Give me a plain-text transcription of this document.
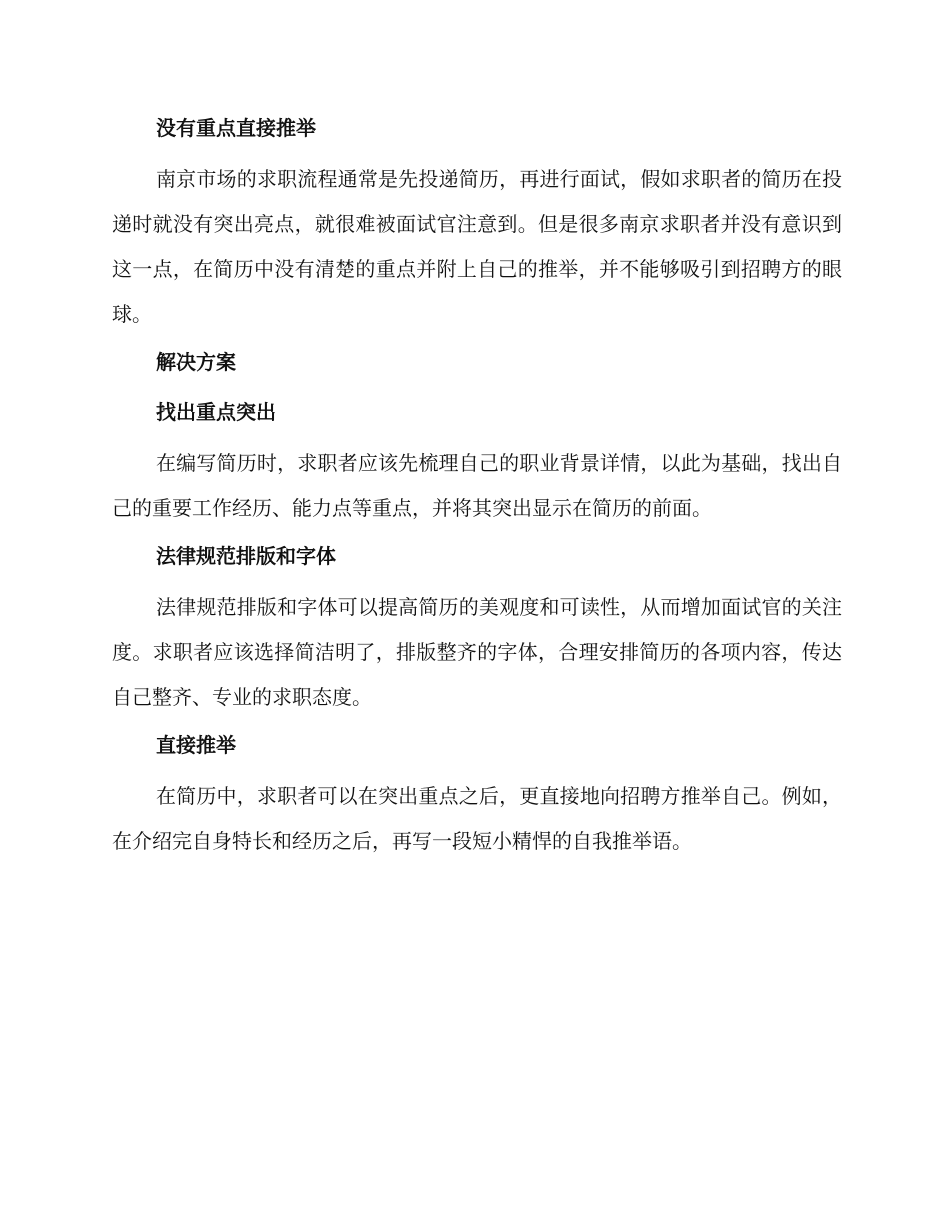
没有重点直接推举

南京市场的求职流程通常是先投递简历，再进行面试，假如求职者的简历在投递时就没有突出亮点，就很难被面试官注意到。但是很多南京求职者并没有意识到这一点，在简历中没有清楚的重点并附上自己的推举，并不能够吸引到招聘方的眼球。

解决方案
找出重点突出

在编写简历时，求职者应该先梳理自己的职业背景详情，以此为基础，找出自己的重要工作经历、能力点等重点，并将其突出显示在简历的前面。

法律规范排版和字体

法律规范排版和字体可以提高简历的美观度和可读性，从而增加面试官的关注度。求职者应该选择简洁明了，排版整齐的字体，合理安排简历的各项内容，传达自己整齐、专业的求职态度。

直接推举

在简历中，求职者可以在突出重点之后，更直接地向招聘方推举自己。例如，在介绍完自身特长和经历之后，再写一段短小精悍的自我推举语。
